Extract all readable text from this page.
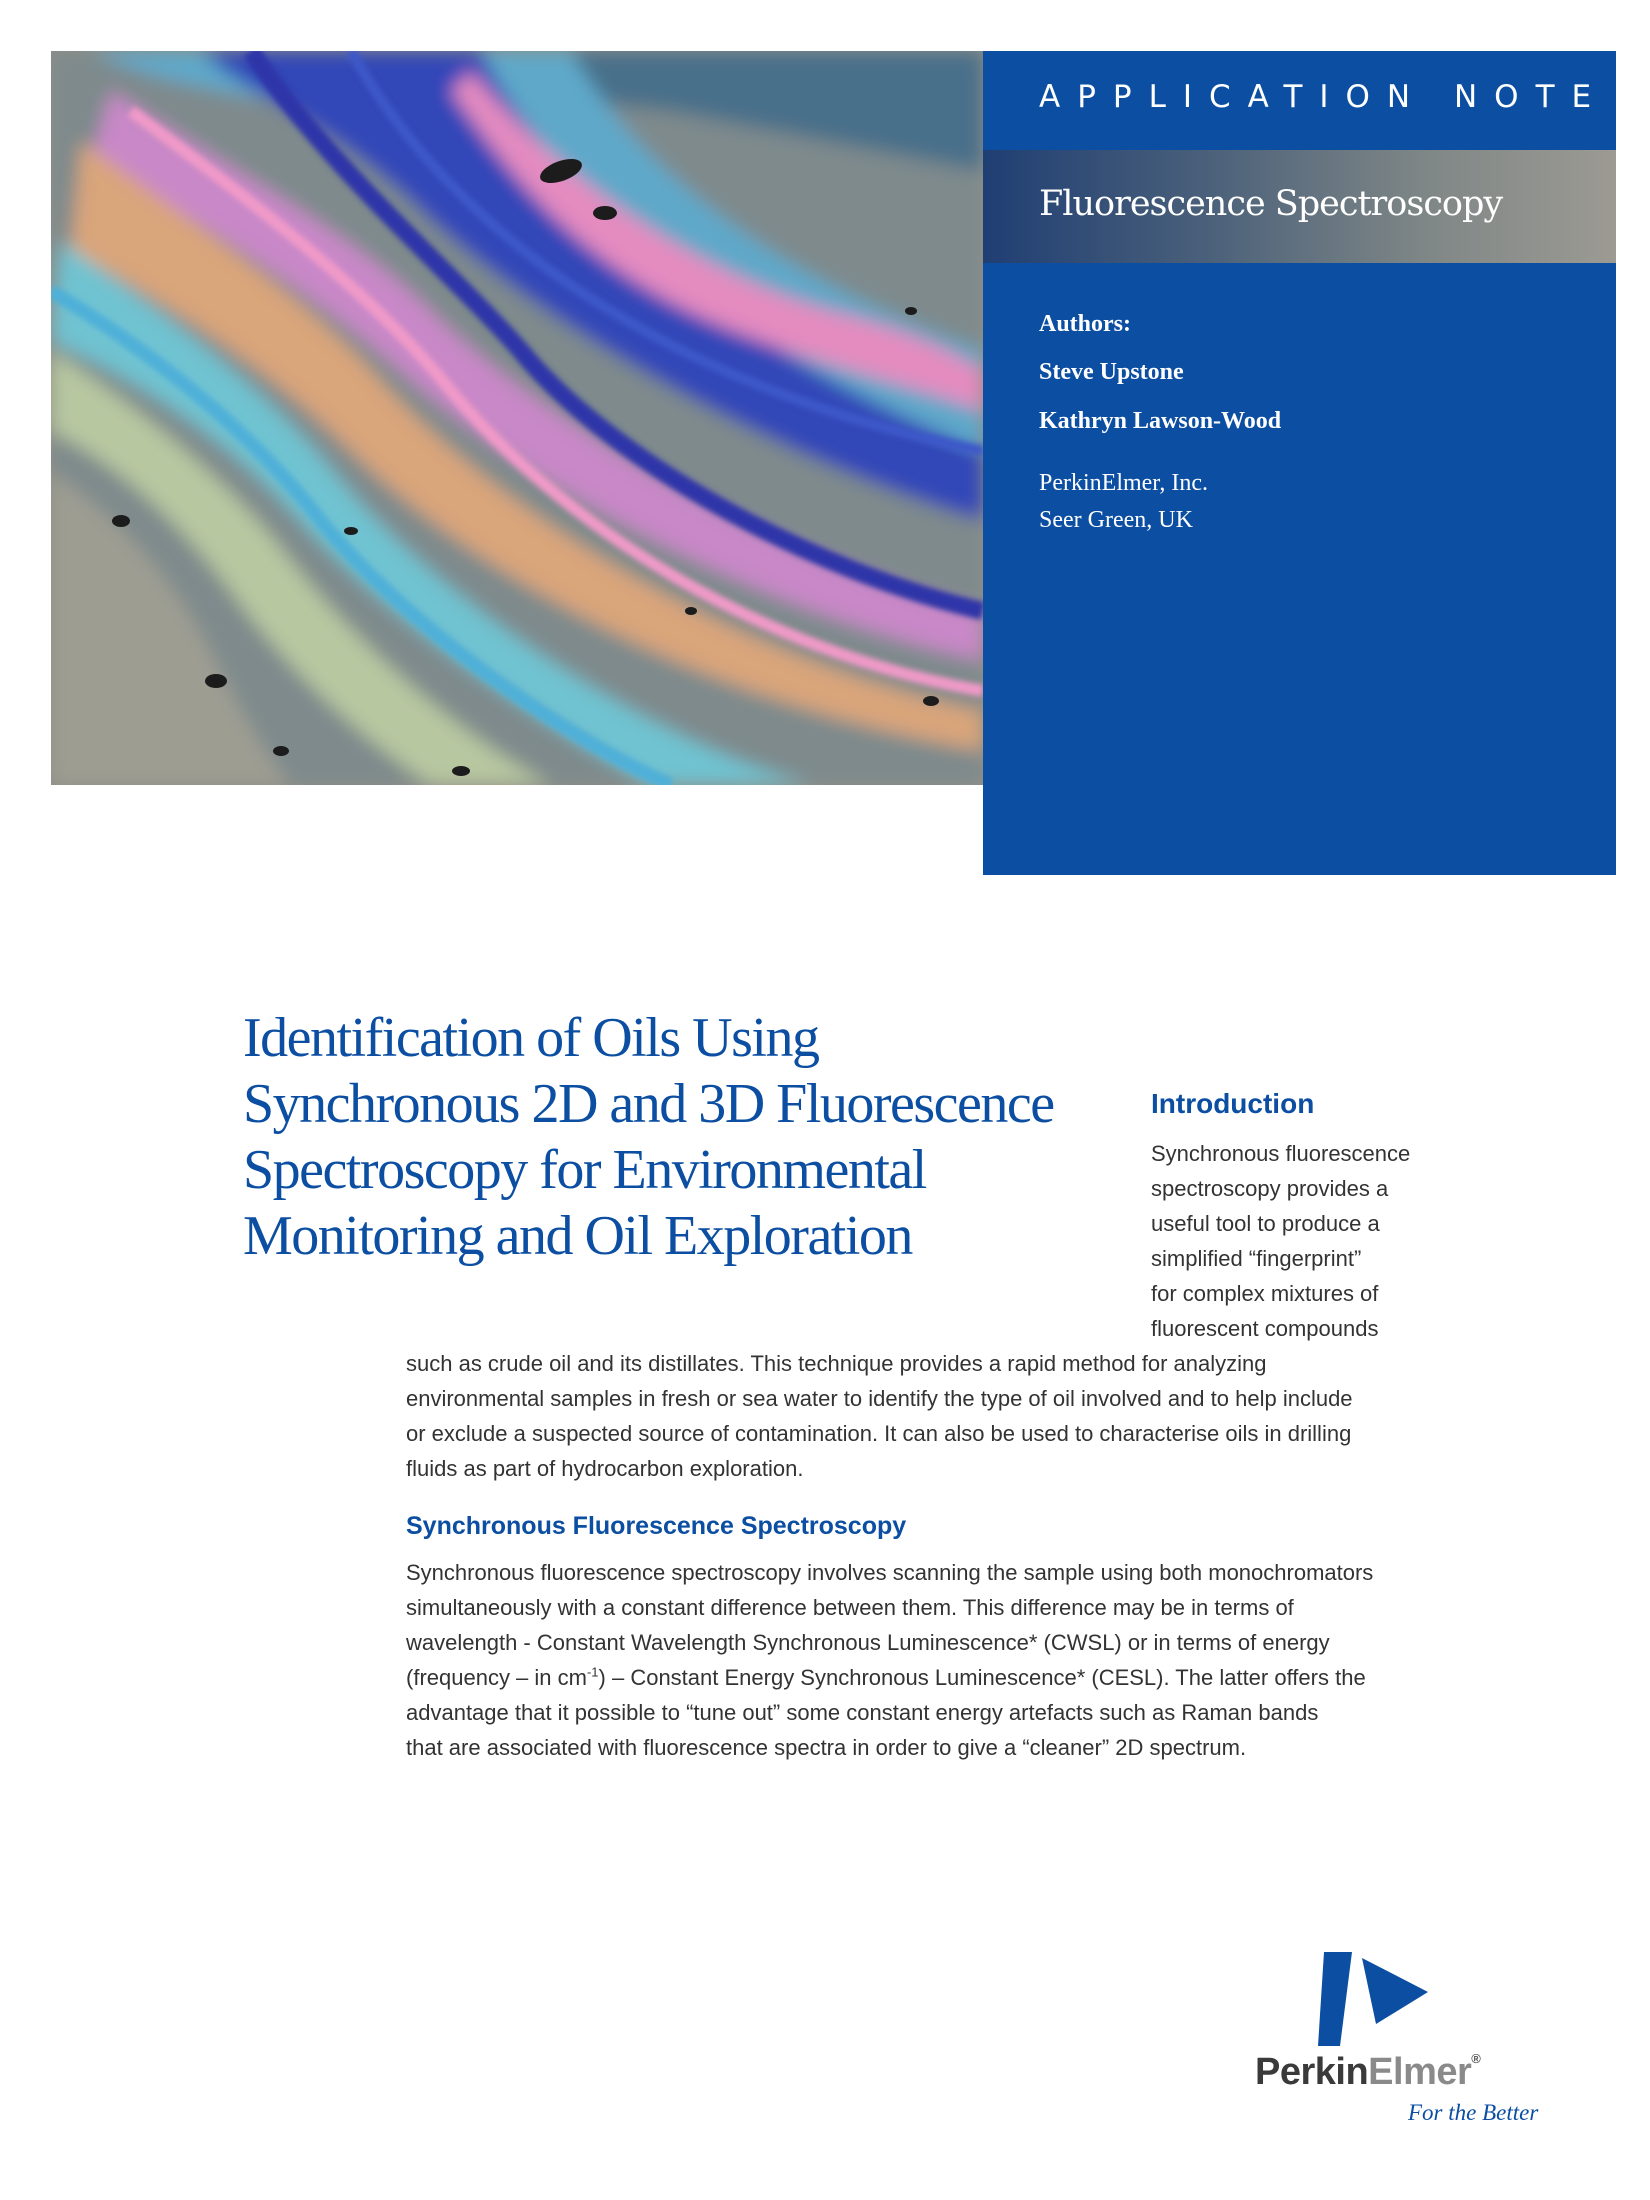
APPLICATION NOTE
Fluorescence Spectroscopy
Authors:
Steve Upstone
Kathryn Lawson-Wood
PerkinElmer, Inc.
Seer Green, UK
Identification of Oils Using
Synchronous 2D and 3D Fluorescence
Spectroscopy for Environmental
Monitoring and Oil Exploration
Introduction
Synchronous fluorescence
spectroscopy provides a
useful tool to produce a
simplified “fingerprint”
for complex mixtures of
fluorescent compounds
such as crude oil and its distillates. This technique provides a rapid method for analyzing
environmental samples in fresh or sea water to identify the type of oil involved and to help include
or exclude a suspected source of contamination. It can also be used to characterise oils in drilling
fluids as part of hydrocarbon exploration.
Synchronous Fluorescence Spectroscopy
Synchronous fluorescence spectroscopy involves scanning the sample using both monochromators
simultaneously with a constant difference between them. This difference may be in terms of
wavelength - Constant Wavelength Synchronous Luminescence* (CWSL) or in terms of energy
(frequency – in $cm^{-1}$) – Constant Energy Synchronous Luminescence* (CESL). The latter offers the
advantage that it possible to “tune out” some constant energy artefacts such as Raman bands
that are associated with fluorescence spectra in order to give a “cleaner” 2D spectrum.
PerkinElmer®
For the Better
